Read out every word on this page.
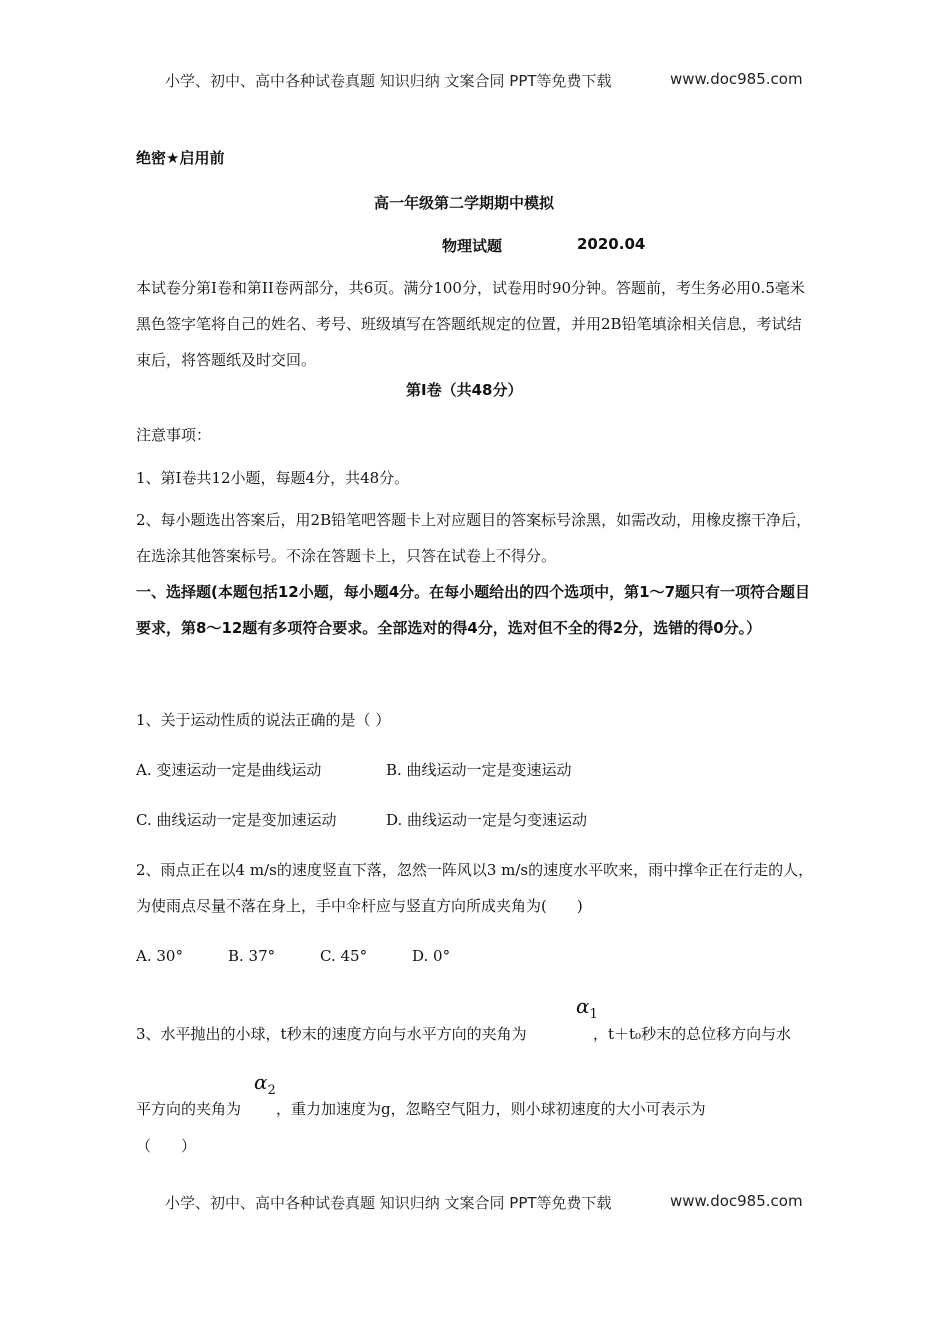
小学、初中、高中各种试卷真题 知识归纳 文案合同 PPT等免费下载	www.doc985.com
绝密★启用前
高一年级第二学期期中模拟
物理试题	2020.04
本试卷分第Ⅰ卷和第II卷两部分，共6页。满分100分，试卷用时90分钟。答题前，考生务必用0.5毫米黑色签字笔将自己的姓名、考号、班级填写在答题纸规定的位置，并用2B铅笔填涂相关信息，考试结束后，将答题纸及时交回。
第Ⅰ卷（共48分）
注意事项：
1、第Ⅰ卷共12小题，每题4分，共48分。
2、每小题选出答案后，用2B铅笔吧答题卡上对应题目的答案标号涂黑，如需改动，用橡皮擦干净后，在选涂其他答案标号。不涂在答题卡上，只答在试卷上不得分。
一、选择题(本题包括12小题，每小题4分。在每小题给出的四个选项中，第1～7题只有一项符合题目要求，第8～12题有多项符合要求。全部选对的得4分，选对但不全的得2分，选错的得0分。）
1、关于运动性质的说法正确的是（ ）
A. 变速运动一定是曲线运动	B. 曲线运动一定是变速运动
C. 曲线运动一定是变加速运动	D. 曲线运动一定是匀变速运动
2、雨点正在以4 m/s的速度竖直下落，忽然一阵风以3 m/s的速度水平吹来，雨中撑伞正在行走的人，为使雨点尽量不落在身上，手中伞杆应与竖直方向所成夹角为(　　)
A. 30°	B. 37°	C. 45°	D. 0°
$\alpha_1$
3、水平抛出的小球，t秒末的速度方向与水平方向的夹角为	，t＋t₀秒末的总位移方向与水
$\alpha_2$
平方向的夹角为 ，重力加速度为g，忽略空气阻力，则小球初速度的大小可表示为
（　　）
小学、初中、高中各种试卷真题 知识归纳 文案合同 PPT等免费下载	www.doc985.com
